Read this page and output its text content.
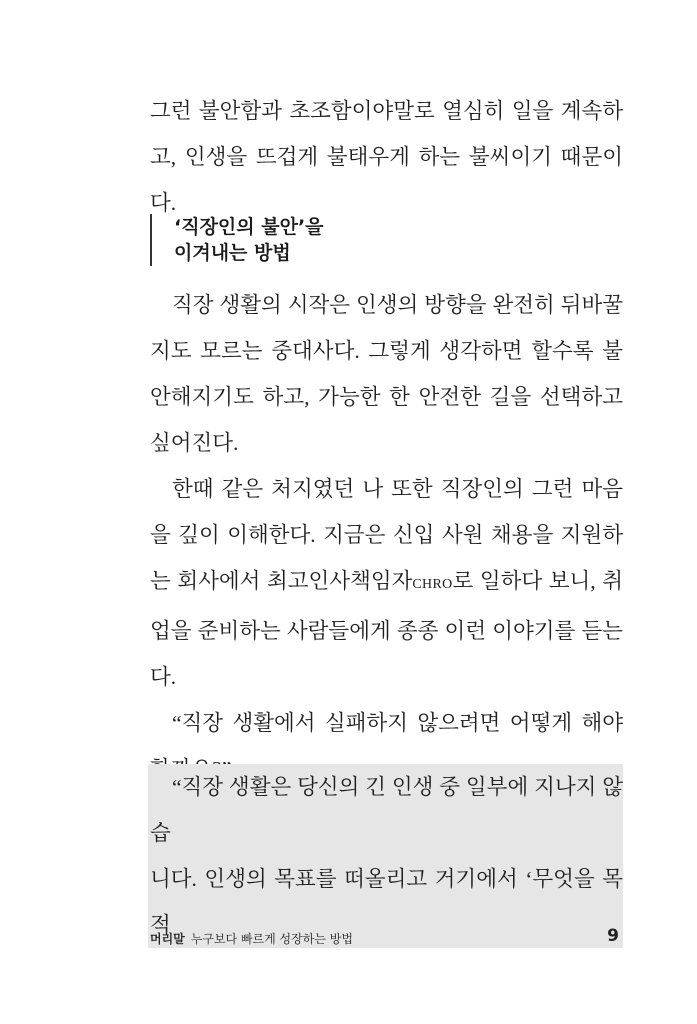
그런 불안함과 초조함이야말로 열심히 일을 계속하고, 인생을 뜨겁게 불태우게 하는 불씨이기 때문이다.

‘직장인의 불안’을

이겨내는 방법

직장 생활의 시작은 인생의 방향을 완전히 뒤바꿀지도 모르는 중대사다. 그렇게 생각하면 할수록 불안해지기도 하고, 가능한 한 안전한 길을 선택하고 싶어진다.

한때 같은 처지였던 나 또한 직장인의 그런 마음을 깊이 이해한다. 지금은 신입 사원 채용을 지원하는 회사에서 최고인사책임자CHRO로 일하다 보니, 취업을 준비하는 사람들에게 종종 이런 이야기를 듣는다.

“직장 생활에서 실패하지 않으려면 어떻게 해야

“직장 생활은 당신의 긴 인생 중 일부에 지나지 않습
니다. 인생의 목표를 떠올리고 거기에서 ‘무엇을 목적
머리말 누구보다 빠르게 성장하는 방법	9
